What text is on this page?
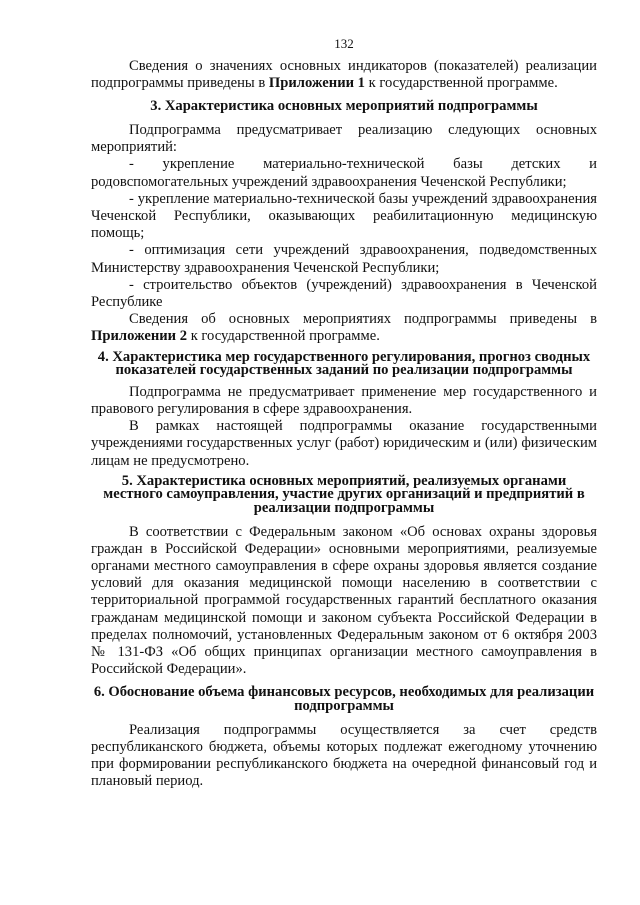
132

Сведения о значениях основных индикаторов (показателей) реализации подпрограммы приведены в Приложении 1 к государственной программе.

3. Характеристика основных мероприятий подпрограммы

Подпрограмма предусматривает реализацию следующих основных мероприятий:

- укрепление материально-технической базы детских и родовспомогательных учреждений здравоохранения Чеченской Республики;

- укрепление материально-технической базы учреждений здравоохранения Чеченской Республики, оказывающих реабилитационную медицинскую помощь;

- оптимизация сети учреждений здравоохранения, подведомственных Министерству здравоохранения Чеченской Республики;

- строительство объектов (учреждений) здравоохранения в Чеченской Республике

Сведения об основных мероприятиях подпрограммы приведены в Приложении 2 к государственной программе.

4. Характеристика мер государственного регулирования, прогноз сводных показателей государственных заданий по реализации подпрограммы

Подпрограмма не предусматривает применение мер государственного и правового регулирования в сфере здравоохранения.

В рамках настоящей подпрограммы оказание государственными учреждениями государственных услуг (работ) юридическим и (или) физическим лицам не предусмотрено.

5. Характеристика основных мероприятий, реализуемых органами местного самоуправления, участие других организаций и предприятий в реализации подпрограммы

В соответствии с Федеральным законом «Об основах охраны здоровья граждан в Российской Федерации» основными мероприятиями, реализуемые органами местного самоуправления в сфере охраны здоровья является создание условий для оказания медицинской помощи населению в соответствии с территориальной программой государственных гарантий бесплатного оказания гражданам медицинской помощи и законом субъекта Российской Федерации в пределах полномочий, установленных Федеральным законом от 6 октября 2003 № 131-ФЗ «Об общих принципах организации местного самоуправления в Российской Федерации».

6. Обоснование объема финансовых ресурсов, необходимых для реализации подпрограммы

Реализация подпрограммы осуществляется за счет средств республиканского бюджета, объемы которых подлежат ежегодному уточнению при формировании республиканского бюджета на очередной финансовый год и плановый период.
